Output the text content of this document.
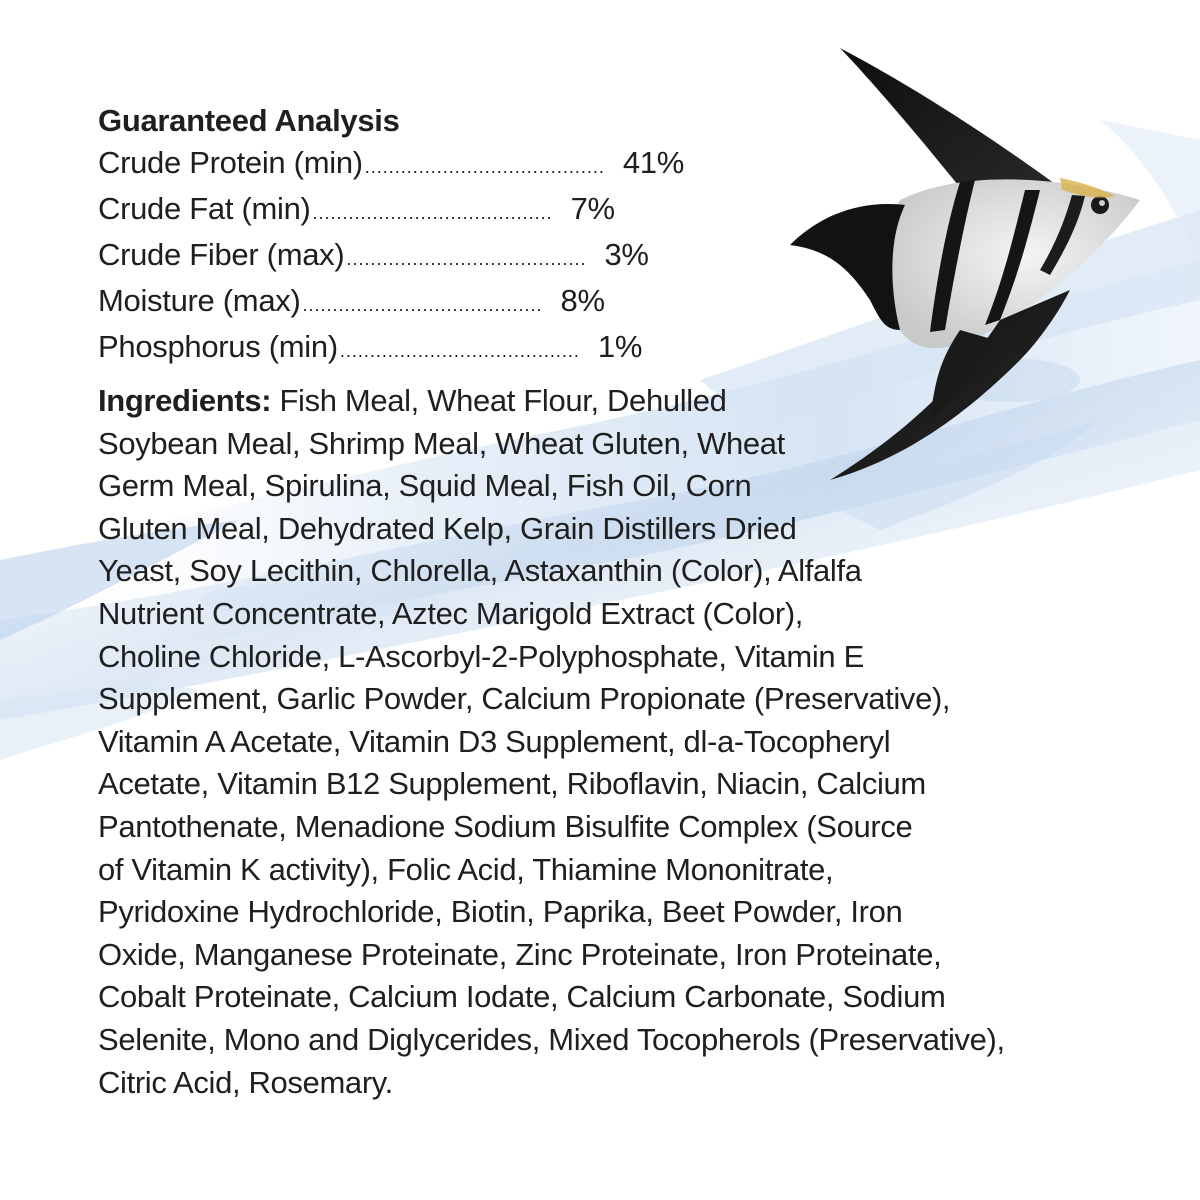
Guaranteed Analysis
Crude Protein (min) ........................................ 41%
Crude Fat (min) ........................................ 7%
Crude Fiber (max) ........................................ 3%
Moisture (max) ........................................ 8%
Phosphorus (min) ........................................ 1%
Ingredients: Fish Meal, Wheat Flour, Dehulled
Soybean Meal, Shrimp Meal, Wheat Gluten, Wheat
Germ Meal, Spirulina, Squid Meal, Fish Oil, Corn
Gluten Meal, Dehydrated Kelp, Grain Distillers Dried
Yeast, Soy Lecithin, Chlorella, Astaxanthin (Color), Alfalfa
Nutrient Concentrate, Aztec Marigold Extract (Color),
Choline Chloride, L-Ascorbyl-2-Polyphosphate, Vitamin E
Supplement, Garlic Powder, Calcium Propionate (Preservative),
Vitamin A Acetate, Vitamin D3 Supplement, dl-a-Tocopheryl
Acetate, Vitamin B12 Supplement, Riboflavin, Niacin, Calcium
Pantothenate, Menadione Sodium Bisulfite Complex (Source
of Vitamin K activity), Folic Acid, Thiamine Mononitrate,
Pyridoxine Hydrochloride, Biotin, Paprika, Beet Powder, Iron
Oxide, Manganese Proteinate, Zinc Proteinate, Iron Proteinate,
Cobalt Proteinate, Calcium Iodate, Calcium Carbonate, Sodium
Selenite, Mono and Diglycerides, Mixed Tocopherols (Preservative),
Citric Acid, Rosemary.
